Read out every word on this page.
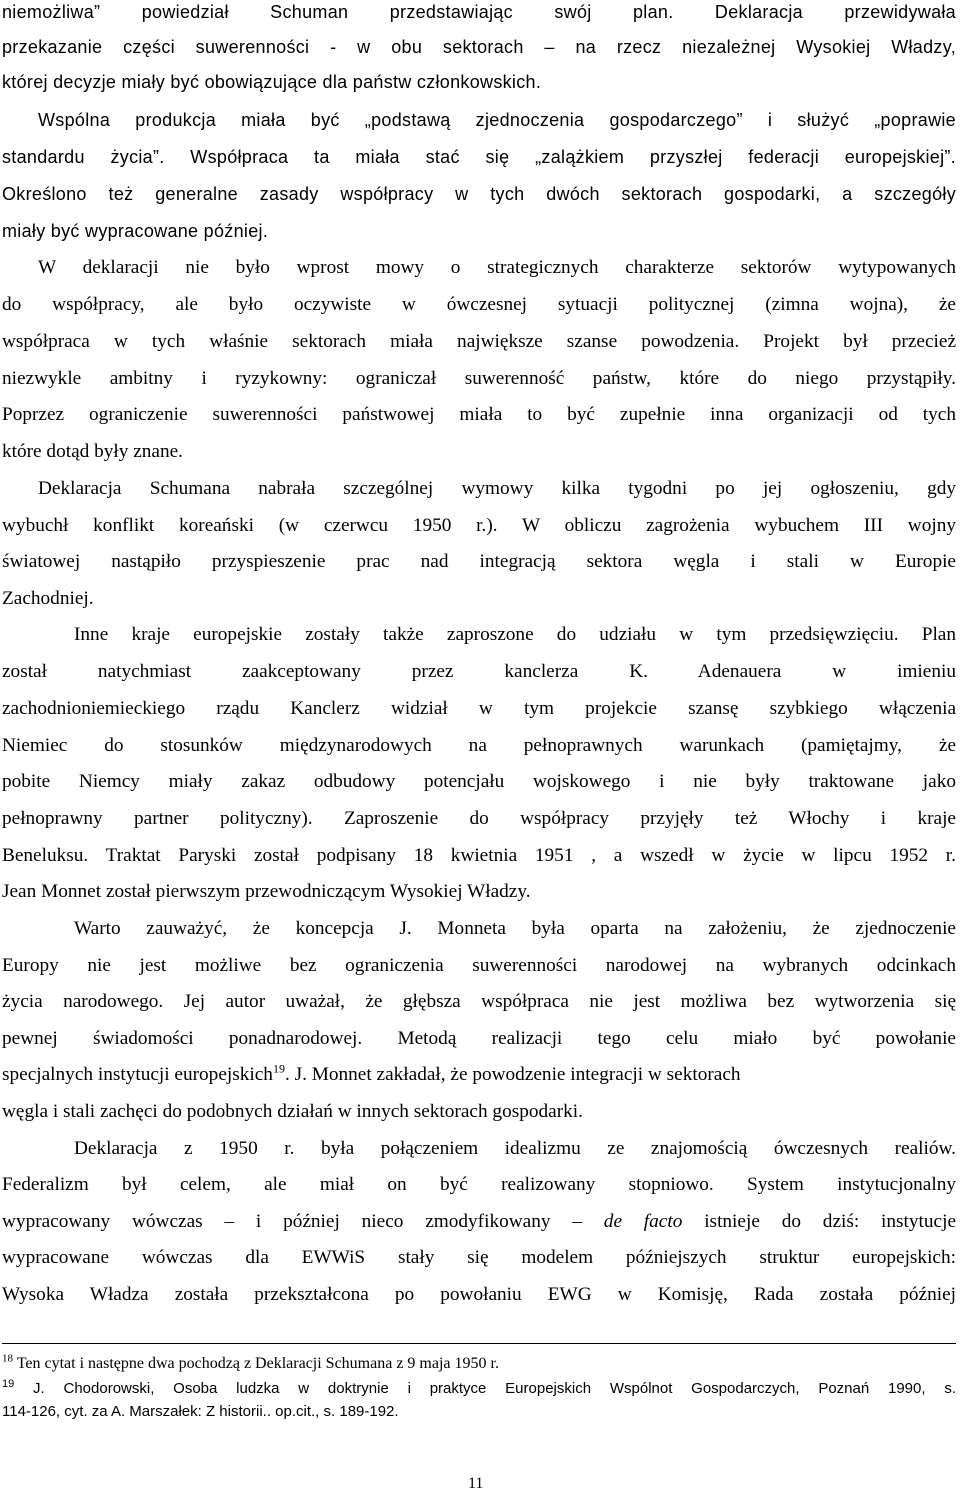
niemożliwa” powiedział Schuman przedstawiając swój plan. Deklaracja przewidywała
przekazanie części suwerenności - w obu sektorach – na rzecz niezależnej Wysokiej Władzy,
której decyzje miały być obowiązujące dla państw członkowskich.
Wspólna produkcja miała być „podstawą zjednoczenia gospodarczego” i służyć „poprawie
standardu życia”. Współpraca ta miała stać się „zalążkiem przyszłej federacji europejskiej”.
Określono też generalne zasady współpracy w tych dwóch sektorach gospodarki, a szczegóły
miały być wypracowane później.
W deklaracji nie było wprost mowy o strategicznych charakterze sektorów wytypowanych
do współpracy, ale było oczywiste w ówczesnej sytuacji politycznej (zimna wojna), że
współpraca w tych właśnie sektorach miała największe szanse powodzenia. Projekt był przecież
niezwykle ambitny i ryzykowny: ograniczał suwerenność państw, które do niego przystąpiły.
Poprzez ograniczenie suwerenności państwowej miała to być zupełnie inna organizacji od tych
które dotąd były znane.
Deklaracja Schumana nabrała szczególnej wymowy kilka tygodni po jej ogłoszeniu, gdy
wybuchł konflikt koreański (w czerwcu 1950 r.). W obliczu zagrożenia wybuchem III wojny
światowej nastąpiło przyspieszenie prac nad integracją sektora węgla i stali w Europie
Zachodniej.
Inne kraje europejskie zostały także zaproszone do udziału w tym przedsięwzięciu. Plan
został natychmiast zaakceptowany przez kanclerza K. Adenauera w imieniu
zachodnioniemieckiego rządu Kanclerz widział w tym projekcie szansę szybkiego włączenia
Niemiec do stosunków międzynarodowych na pełnoprawnych warunkach (pamiętajmy, że
pobite Niemcy miały zakaz odbudowy potencjału wojskowego i nie były traktowane jako
pełnoprawny partner polityczny). Zaproszenie do współpracy przyjęły też Włochy i kraje
Beneluksu. Traktat Paryski został podpisany 18 kwietnia 1951 , a wszedł w życie w lipcu 1952 r.
Jean Monnet został pierwszym przewodniczącym Wysokiej Władzy.
Warto zauważyć, że koncepcja J. Monneta była oparta na założeniu, że zjednoczenie
Europy nie jest możliwe bez ograniczenia suwerenności narodowej na wybranych odcinkach
życia narodowego. Jej autor uważał, że głębsza współpraca nie jest możliwa bez wytworzenia się
pewnej świadomości ponadnarodowej. Metodą realizacji tego celu miało być powołanie
specjalnych instytucji europejskich$^{19}$. J. Monnet zakładał, że powodzenie integracji w sektorach
węgla i stali zachęci do podobnych działań w innych sektorach gospodarki.
Deklaracja z 1950 r. była połączeniem idealizmu ze znajomością ówczesnych realiów.
Federalizm był celem, ale miał on być realizowany stopniowo. System instytucjonalny
wypracowany wówczas – i później nieco zmodyfikowany – de facto istnieje do dziś: instytucje
wypracowane wówczas dla EWWiS stały się modelem późniejszych struktur europejskich:
Wysoka Władza została przekształcona po powołaniu EWG w Komisję, Rada została później
$^{18}$ Ten cytat i następne dwa pochodzą z Deklaracji Schumana z 9 maja 1950 r.
$^{19}$ J. Chodorowski, Osoba ludzka w doktrynie i praktyce Europejskich Wspólnot Gospodarczych, Poznań 1990, s.
114-126, cyt. za A. Marszałek: Z historii.. op.cit., s. 189-192.
11
